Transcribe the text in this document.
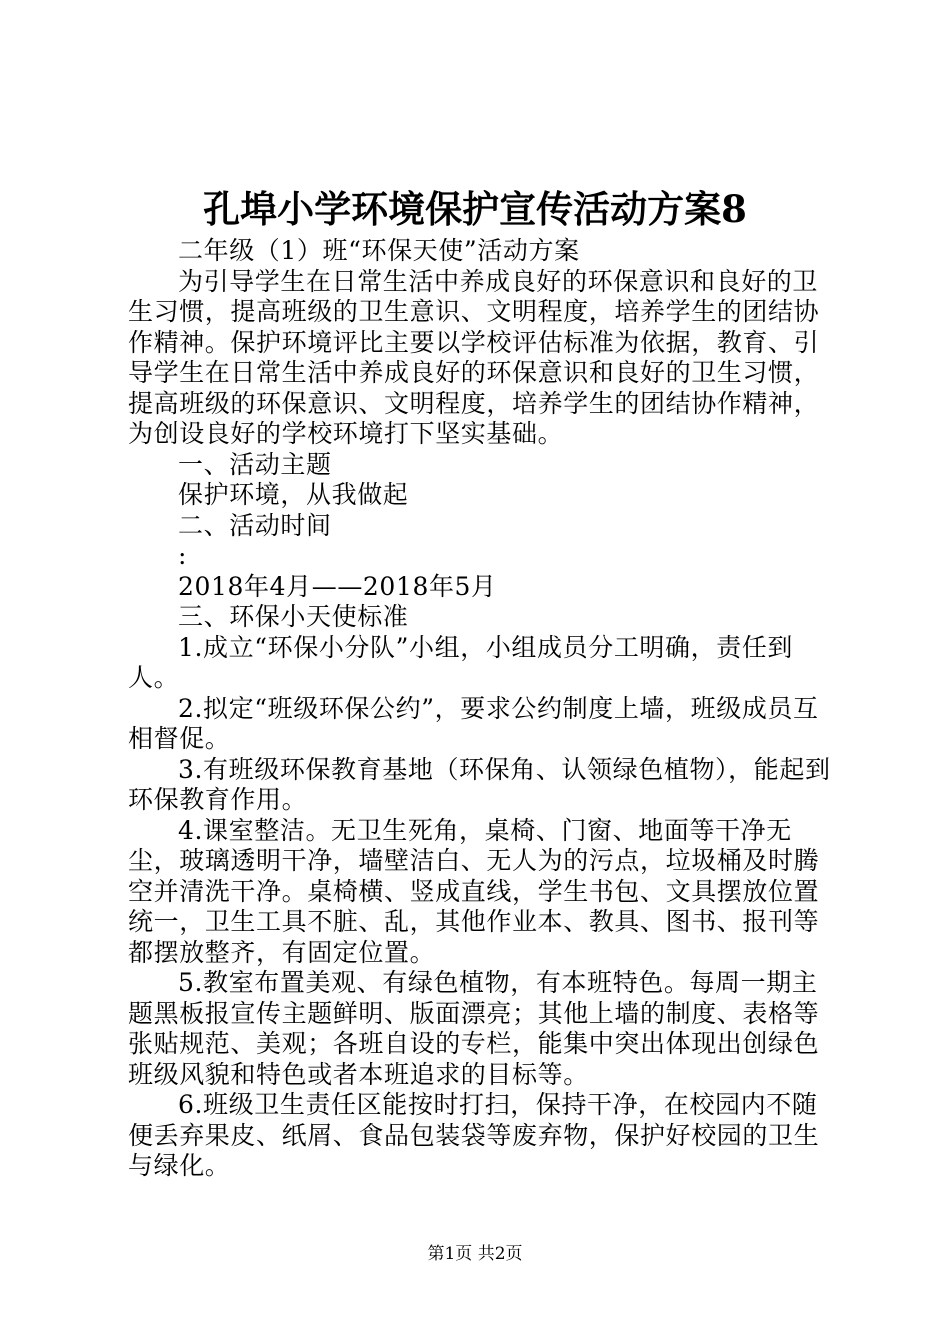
孔埠小学环境保护宣传活动方案8

二年级（1）班“环保天使”活动方案

为引导学生在日常生活中养成良好的环保意识和良好的卫生习惯，提高班级的卫生意识、文明程度，培养学生的团结协作精神。保护环境评比主要以学校评估标准为依据，教育、引导学生在日常生活中养成良好的环保意识和良好的卫生习惯，提高班级的环保意识、文明程度，培养学生的团结协作精神，为创设良好的学校环境打下坚实基础。

一、活动主题

保护环境，从我做起

二、活动时间

:

2018年4月——2018年5月

三、环保小天使标准

1.成立“环保小分队”小组，小组成员分工明确，责任到人。

2.拟定“班级环保公约”，要求公约制度上墙，班级成员互相督促。

3.有班级环保教育基地（环保角、认领绿色植物），能起到环保教育作用。

4.课室整洁。无卫生死角，桌椅、门窗、地面等干净无尘，玻璃透明干净，墙壁洁白、无人为的污点，垃圾桶及时腾空并清洗干净。桌椅横、竖成直线，学生书包、文具摆放位置统一，卫生工具不脏、乱，其他作业本、教具、图书、报刊等都摆放整齐，有固定位置。

5.教室布置美观、有绿色植物，有本班特色。每周一期主题黑板报宣传主题鲜明、版面漂亮；其他上墙的制度、表格等张贴规范、美观；各班自设的专栏，能集中突出体现出创绿色班级风貌和特色或者本班追求的目标等。

6.班级卫生责任区能按时打扫，保持干净，在校园内不随便丢弃果皮、纸屑、食品包装袋等废弃物，保护好校园的卫生与绿化。

第1页 共2页
